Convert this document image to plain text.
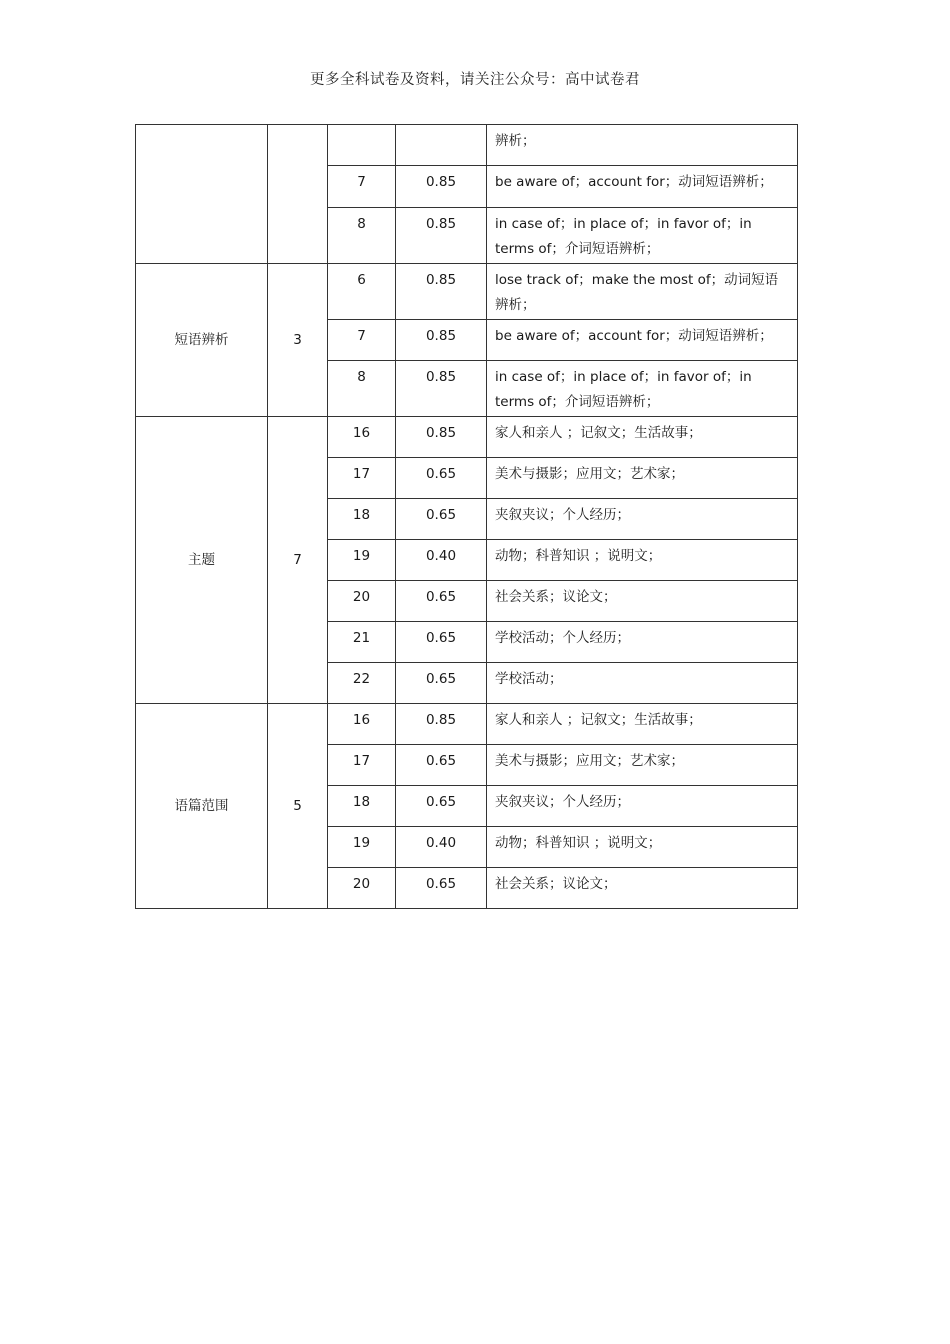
更多全科试卷及资料，请关注公众号：高中试卷君
				辨析；
		7	0.85	be aware of；account for；动词短语辨析；
		8	0.85	in case of；in place of；in favor of；in terms of；介词短语辨析；
短语辨析	3	6	0.85	lose track of；make the most of；动词短语辨析；
		7	0.85	be aware of；account for；动词短语辨析；
		8	0.85	in case of；in place of；in favor of；in terms of；介词短语辨析；
主题	7	16	0.85	家人和亲人 ；记叙文；生活故事；
		17	0.65	美术与摄影；应用文；艺术家；
		18	0.65	夹叙夹议；个人经历；
		19	0.40	动物；科普知识 ；说明文；
		20	0.65	社会关系；议论文；
		21	0.65	学校活动；个人经历；
		22	0.65	学校活动；
语篇范围	5	16	0.85	家人和亲人 ；记叙文；生活故事；
		17	0.65	美术与摄影；应用文；艺术家；
		18	0.65	夹叙夹议；个人经历；
		19	0.40	动物；科普知识 ；说明文；
		20	0.65	社会关系；议论文；
